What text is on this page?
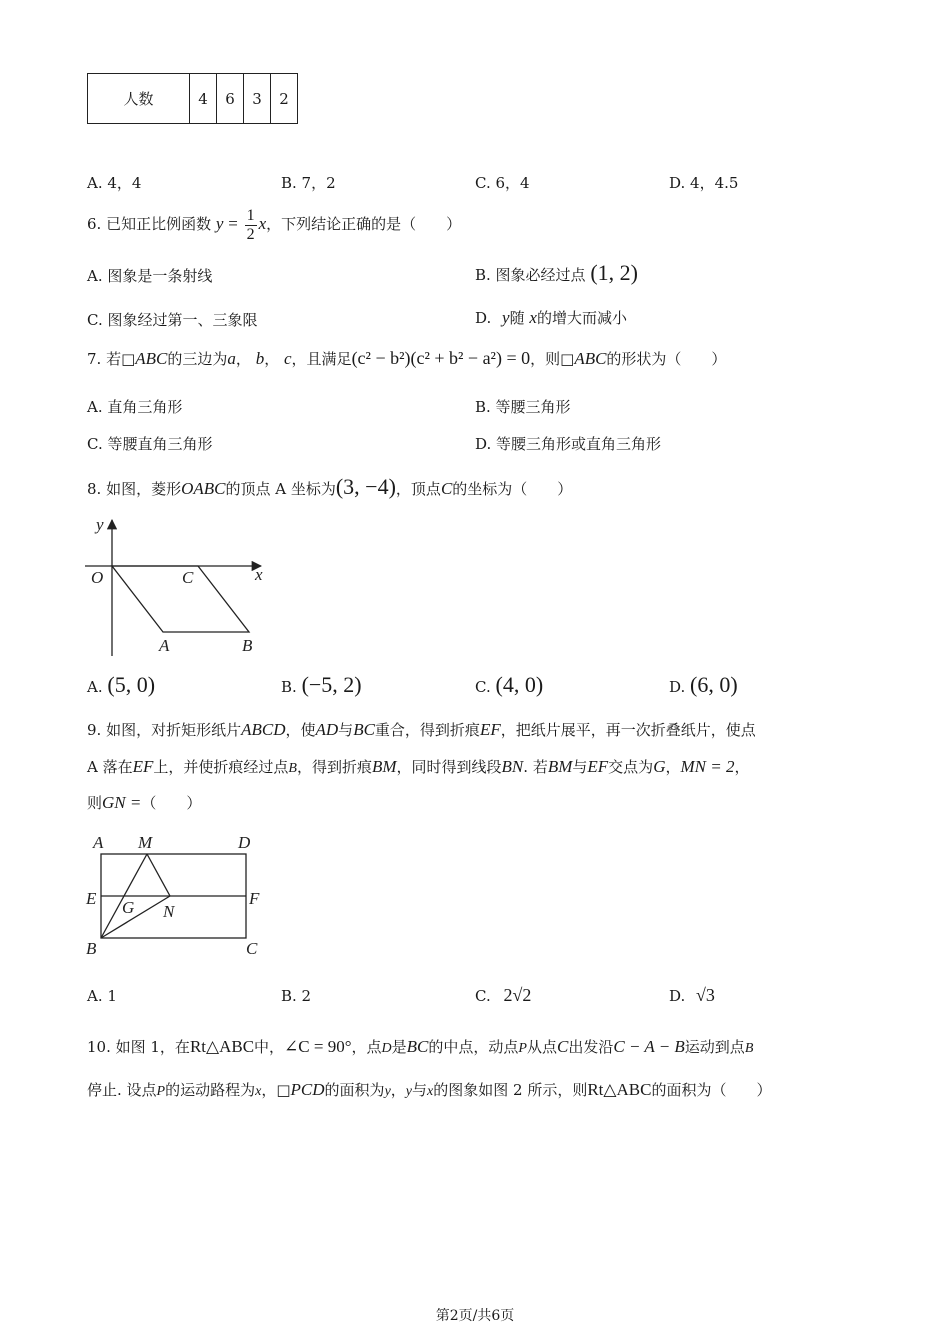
人数	4	6	3	2
A. 4，4	B. 7，2	C. 6，4	D. 4，4.5
6. 已知正比例函数 $y = \frac{1}{2}$ x，下列结论正确的是（　　）
A. 图象是一条射线	B. 图象必经过点 (1, 2)
C. 图象经过第一、三象限	D. y随 x的增大而减小
7. 若□ABC的三边为a， b， c，且满足(c² − b²)(c² + b² − a²) = 0，则□ABC的形状为（　　）
A. 直角三角形	B. 等腰三角形
C. 等腰直角三角形	D. 等腰三角形或直角三角形
8. 如图，菱形OABC的顶点 A 坐标为(3, −4)，顶点C的坐标为（　　）
y
x
O	C
A	B
A. (5, 0)	B. (−5, 2)	C. (4, 0)	D. (6, 0)
9. 如图，对折矩形纸片ABCD，使AD与BC重合，得到折痕EF，把纸片展平，再一次折叠纸片，使点
A 落在EF上，并使折痕经过点B，得到折痕BM，同时得到线段BN. 若BM与EF交点为G，MN = 2，
则GN =（　　）
A M	D
E	F
G N
B	C
A. 1	B. 2	C. 2√2	D. √3
10. 如图 1，在Rt△ABC中，∠C = 90°，点D是BC的中点，动点P从点C出发沿C − A − B运动到点B
停止. 设点P的运动路程为x，□PCD的面积为y，y与x的图象如图 2 所示，则Rt△ABC的面积为（　　）
第2页/共6页
